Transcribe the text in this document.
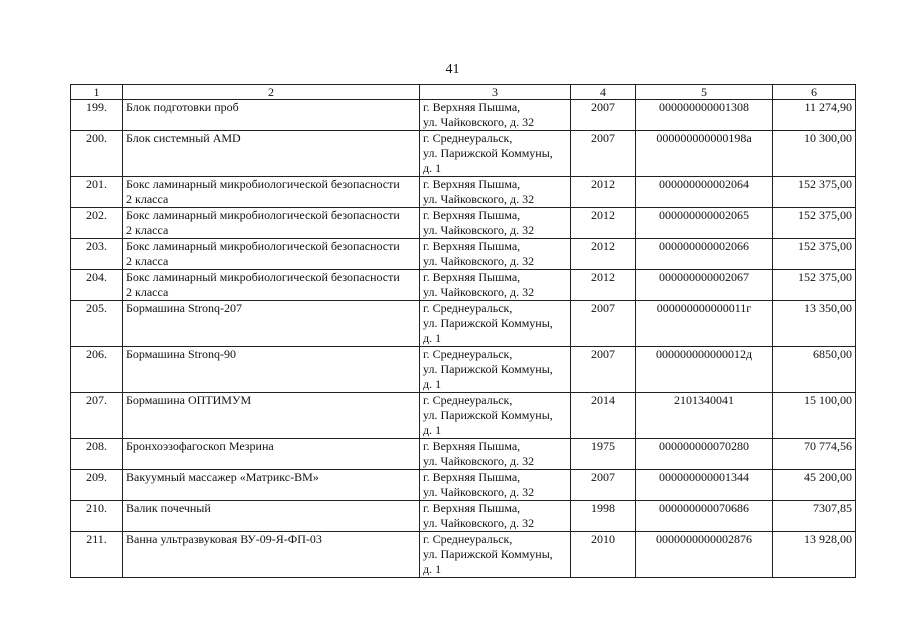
41
1	2	3	4	5	6
199.	Блок подготовки проб	г. Верхняя Пышма,
ул. Чайковского, д. 32	2007	000000000001308	11 274,90
200.	Блок системный AMD	г. Среднеуральск,
ул. Парижской Коммуны,
д. 1	2007	000000000000198а	10 300,00
201.	Бокс ламинарный микробиологической безопасности
2 класса	г. Верхняя Пышма,
ул. Чайковского, д. 32	2012	000000000002064	152 375,00
202.	Бокс ламинарный микробиологической безопасности
2 класса	г. Верхняя Пышма,
ул. Чайковского, д. 32	2012	000000000002065	152 375,00
203.	Бокс ламинарный микробиологической безопасности
2 класса	г. Верхняя Пышма,
ул. Чайковского, д. 32	2012	000000000002066	152 375,00
204.	Бокс ламинарный микробиологической безопасности
2 класса	г. Верхняя Пышма,
ул. Чайковского, д. 32	2012	000000000002067	152 375,00
205.	Бормашина Stronq-207	г. Среднеуральск,
ул. Парижской Коммуны,
д. 1	2007	000000000000011г	13 350,00
206.	Бормашина Stronq-90	г. Среднеуральск,
ул. Парижской Коммуны,
д. 1	2007	000000000000012д	6850,00
207.	Бормашина ОПТИМУМ	г. Среднеуральск,
ул. Парижской Коммуны,
д. 1	2014	2101340041	15 100,00
208.	Бронхоэзофагоскоп Мезрина	г. Верхняя Пышма,
ул. Чайковского, д. 32	1975	000000000070280	70 774,56
209.	Вакуумный массажер «Матрикс-ВМ»	г. Верхняя Пышма,
ул. Чайковского, д. 32	2007	000000000001344	45 200,00
210.	Валик почечный	г. Верхняя Пышма,
ул. Чайковского, д. 32	1998	000000000070686	7307,85
211.	Ванна ультразвуковая ВУ-09-Я-ФП-03	г. Среднеуральск,
ул. Парижской Коммуны,
д. 1	2010	0000000000002876	13 928,00
